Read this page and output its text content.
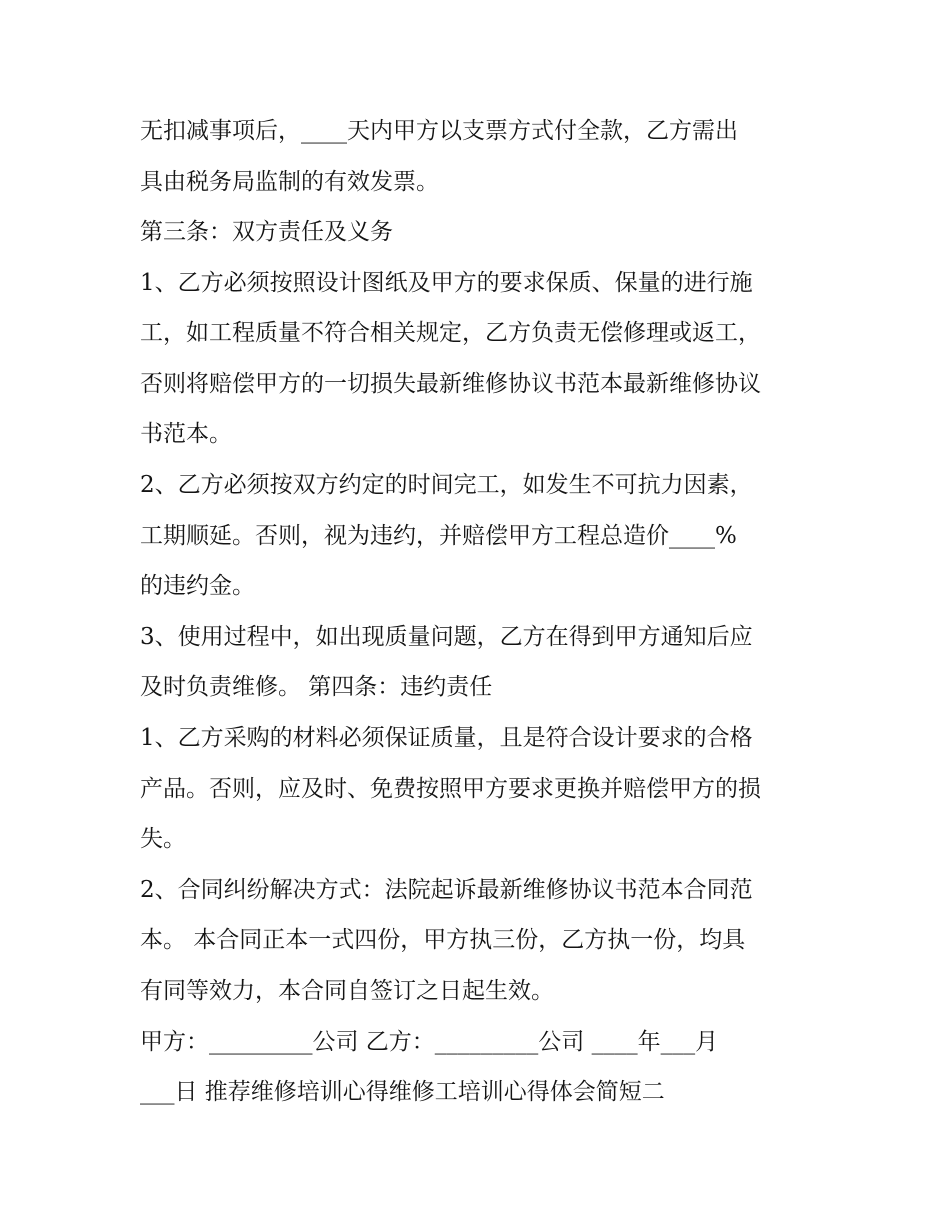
无扣减事项后，____天内甲方以支票方式付全款，乙方需出

具由税务局监制的有效发票。

第三条：双方责任及义务

1、乙方必须按照设计图纸及甲方的要求保质、保量的进行施

工，如工程质量不符合相关规定，乙方负责无偿修理或返工，

否则将赔偿甲方的一切损失最新维修协议书范本最新维修协议

书范本。

2、乙方必须按双方约定的时间完工，如发生不可抗力因素，

工期顺延。否则，视为违约，并赔偿甲方工程总造价____%

的违约金。

3、使用过程中，如出现质量问题，乙方在得到甲方通知后应

及时负责维修。 第四条：违约责任

1、乙方采购的材料必须保证质量，且是符合设计要求的合格

产品。否则，应及时、免费按照甲方要求更换并赔偿甲方的损

失。

2、合同纠纷解决方式：法院起诉最新维修协议书范本合同范

本。 本合同正本一式四份，甲方执三份，乙方执一份，均具

有同等效力，本合同自签订之日起生效。

甲方：_________公司 乙方：_________公司 ____年___月

___日 推荐维修培训心得维修工培训心得体会简短二
